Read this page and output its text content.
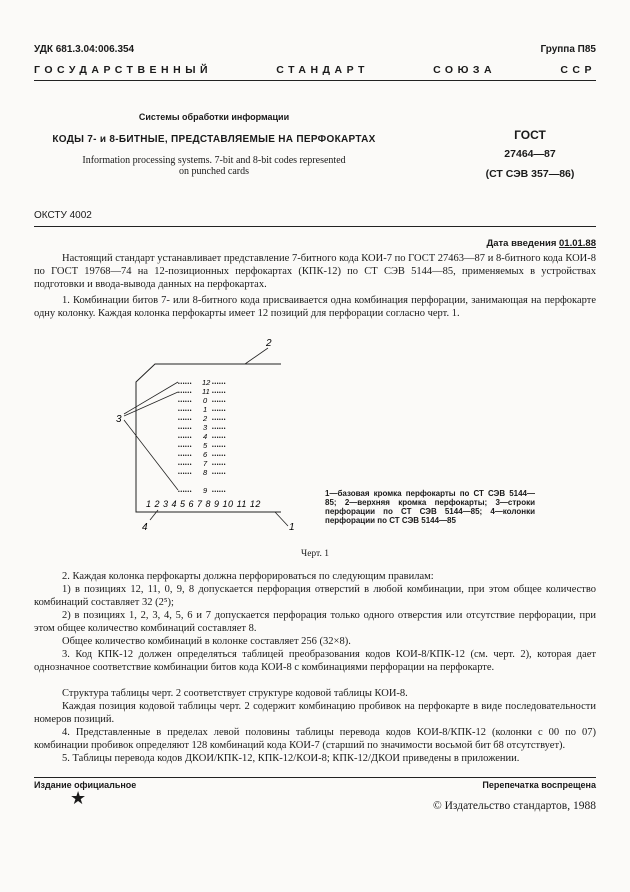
УДК 681.3.04:006.354	Группа П85
ГОСУДАРСТВЕННЫЙ	СТАНДАРТ	СОЮЗА	ССР
Системы обработки информации
КОДЫ 7- и 8-БИТНЫЕ, ПРЕДСТАВЛЯЕМЫЕ НА ПЕРФОКАРТАХ
Information processing systems. 7-bit and 8-bit codes represented
on punched cards
ГОСТ
27464—87
(СТ СЭВ 357—86)
ОКСТУ 4002
Дата введения 01.01.88
Настоящий стандарт устанавливает представление 7-битного кода КОИ-7 по ГОСТ 27463—87 и 8-битного кода КОИ-8 по ГОСТ 19768—74 на 12-позиционных перфокартах (КПК-12) по СТ СЭВ 5144—85, применяемых в устройствах подготовки и ввода-вывода данных на перфокартах.
1. Комбинации битов 7- или 8-битного кода присваивается одна комбинация перфорации, занимающая на перфокарте одну колонку. Каждая колонка перфокарты имеет 12 позиций для перфорации согласно черт. 1.
2
1
3
4
•••••• 12 ••••••
•••••• 11 ••••••
•••••• 0 ••••••
•••••• 1 ••••••
•••••• 2 ••••••
•••••• 3 ••••••
•••••• 4 ••••••
•••••• 5 ••••••
•••••• 6 ••••••
•••••• 7 ••••••
•••••• 8 ••••••
•••••• 9 ••••••
1 2 3 4 5 6 7 8 9 10 11 12
1—базовая кромка перфокарты по СТ СЭВ 5144—85; 2—верхняя кромка перфокарты; 3—строки перфорации по СТ СЭВ 5144—85; 4—колонки перфорации по СТ СЭВ 5144—85
Черт. 1
2. Каждая колонка перфокарты должна перфорироваться по следующим правилам:
1) в позициях 12, 11, 0, 9, 8 допускается перфорация отверстий в любой комбинации, при этом общее количество комбинаций составляет 32 (2⁵);
2) в позициях 1, 2, 3, 4, 5, 6 и 7 допускается перфорация только одного отверстия или отсутствие перфорации, при этом общее количество комбинаций составляет 8.
Общее количество комбинаций в колонке составляет 256 (32×8).
3. Код КПК-12 должен определяться таблицей преобразования кодов КОИ-8/КПК-12 (см. черт. 2), которая дает однозначное соответствие комбинации битов кода КОИ-8 с комбинациями перфорации на перфокарте.
Структура таблицы черт. 2 соответствует структуре кодовой таблицы КОИ-8.
Каждая позиция кодовой таблицы черт. 2 содержит комбинацию пробивок на перфокарте в виде последовательности номеров позиций.
4. Представленные в пределах левой половины таблицы перевода кодов КОИ-8/КПК-12 (колонки с 00 по 07) комбинации пробивок определяют 128 комбинаций кода КОИ-7 (старший по значимости восьмой бит б8 отсутствует).
5. Таблицы перевода кодов ДКОИ/КПК-12, КПК-12/КОИ-8; КПК-12/ДКОИ приведены в приложении.
Издание официальное	Перепечатка воспрещена
★	© Издательство стандартов, 1988
